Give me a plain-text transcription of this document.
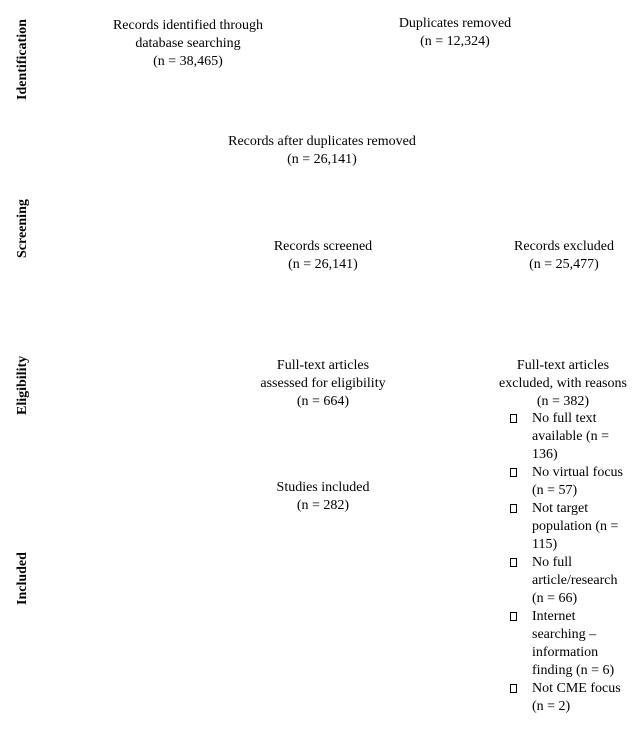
Identification
Screening
Eligibility
Included
Records identified through
database searching
(n = 38,465)
Duplicates removed
(n = 12,324)
Records after duplicates removed
(n = 26,141)
Records screened
(n = 26,141)
Records excluded
(n = 25,477)
Full-text articles
assessed for eligibility
(n = 664)
Full-text articles
excluded, with reasons
(n = 382)
Studies included
(n = 282)
No full text
available (n =
136)
No virtual focus
(n = 57)
Not target
population (n =
115)
No full
article/research
(n = 66)
Internet
searching –
information
finding (n = 6)
Not CME focus
(n = 2)
